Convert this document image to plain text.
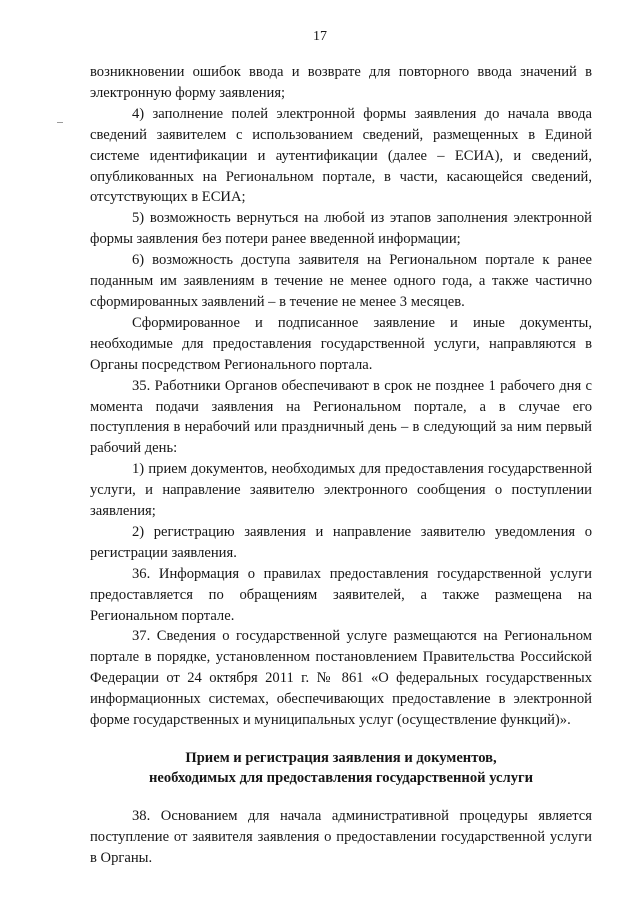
17

возникновении ошибок ввода и возврате для повторного ввода значений в электронную форму заявления;

4) заполнение полей электронной формы заявления до начала ввода сведений заявителем с использованием сведений, размещенных в Единой системе идентификации и аутентификации (далее – ЕСИА), и сведений, опубликованных на Региональном портале, в части, касающейся сведений, отсутствующих в ЕСИА;

5) возможность вернуться на любой из этапов заполнения электронной формы заявления без потери ранее введенной информации;

6) возможность доступа заявителя на Региональном портале к ранее поданным им заявлениям в течение не менее одного года, а также частично сформированных заявлений – в течение не менее 3 месяцев.

Сформированное и подписанное заявление и иные документы, необходимые для предоставления государственной услуги, направляются в Органы посредством Регионального портала.

35. Работники Органов обеспечивают в срок не позднее 1 рабочего дня с момента подачи заявления на Региональном портале, а в случае его поступления в нерабочий или праздничный день – в следующий за ним первый рабочий день:

1) прием документов, необходимых для предоставления государственной услуги, и направление заявителю электронного сообщения о поступлении заявления;

2) регистрацию заявления и направление заявителю уведомления о регистрации заявления.

36. Информация о правилах предоставления государственной услуги предоставляется по обращениям заявителей, а также размещена на Региональном портале.

37. Сведения о государственной услуге размещаются на Региональном портале в порядке, установленном постановлением Правительства Российской Федерации от 24 октября 2011 г. № 861 «О федеральных государственных информационных системах, обеспечивающих предоставление в электронной форме государственных и муниципальных услуг (осуществление функций)».

Прием и регистрация заявления и документов,
необходимых для предоставления государственной услуги

38. Основанием для начала административной процедуры является поступление от заявителя заявления о предоставлении государственной услуги в Органы.
